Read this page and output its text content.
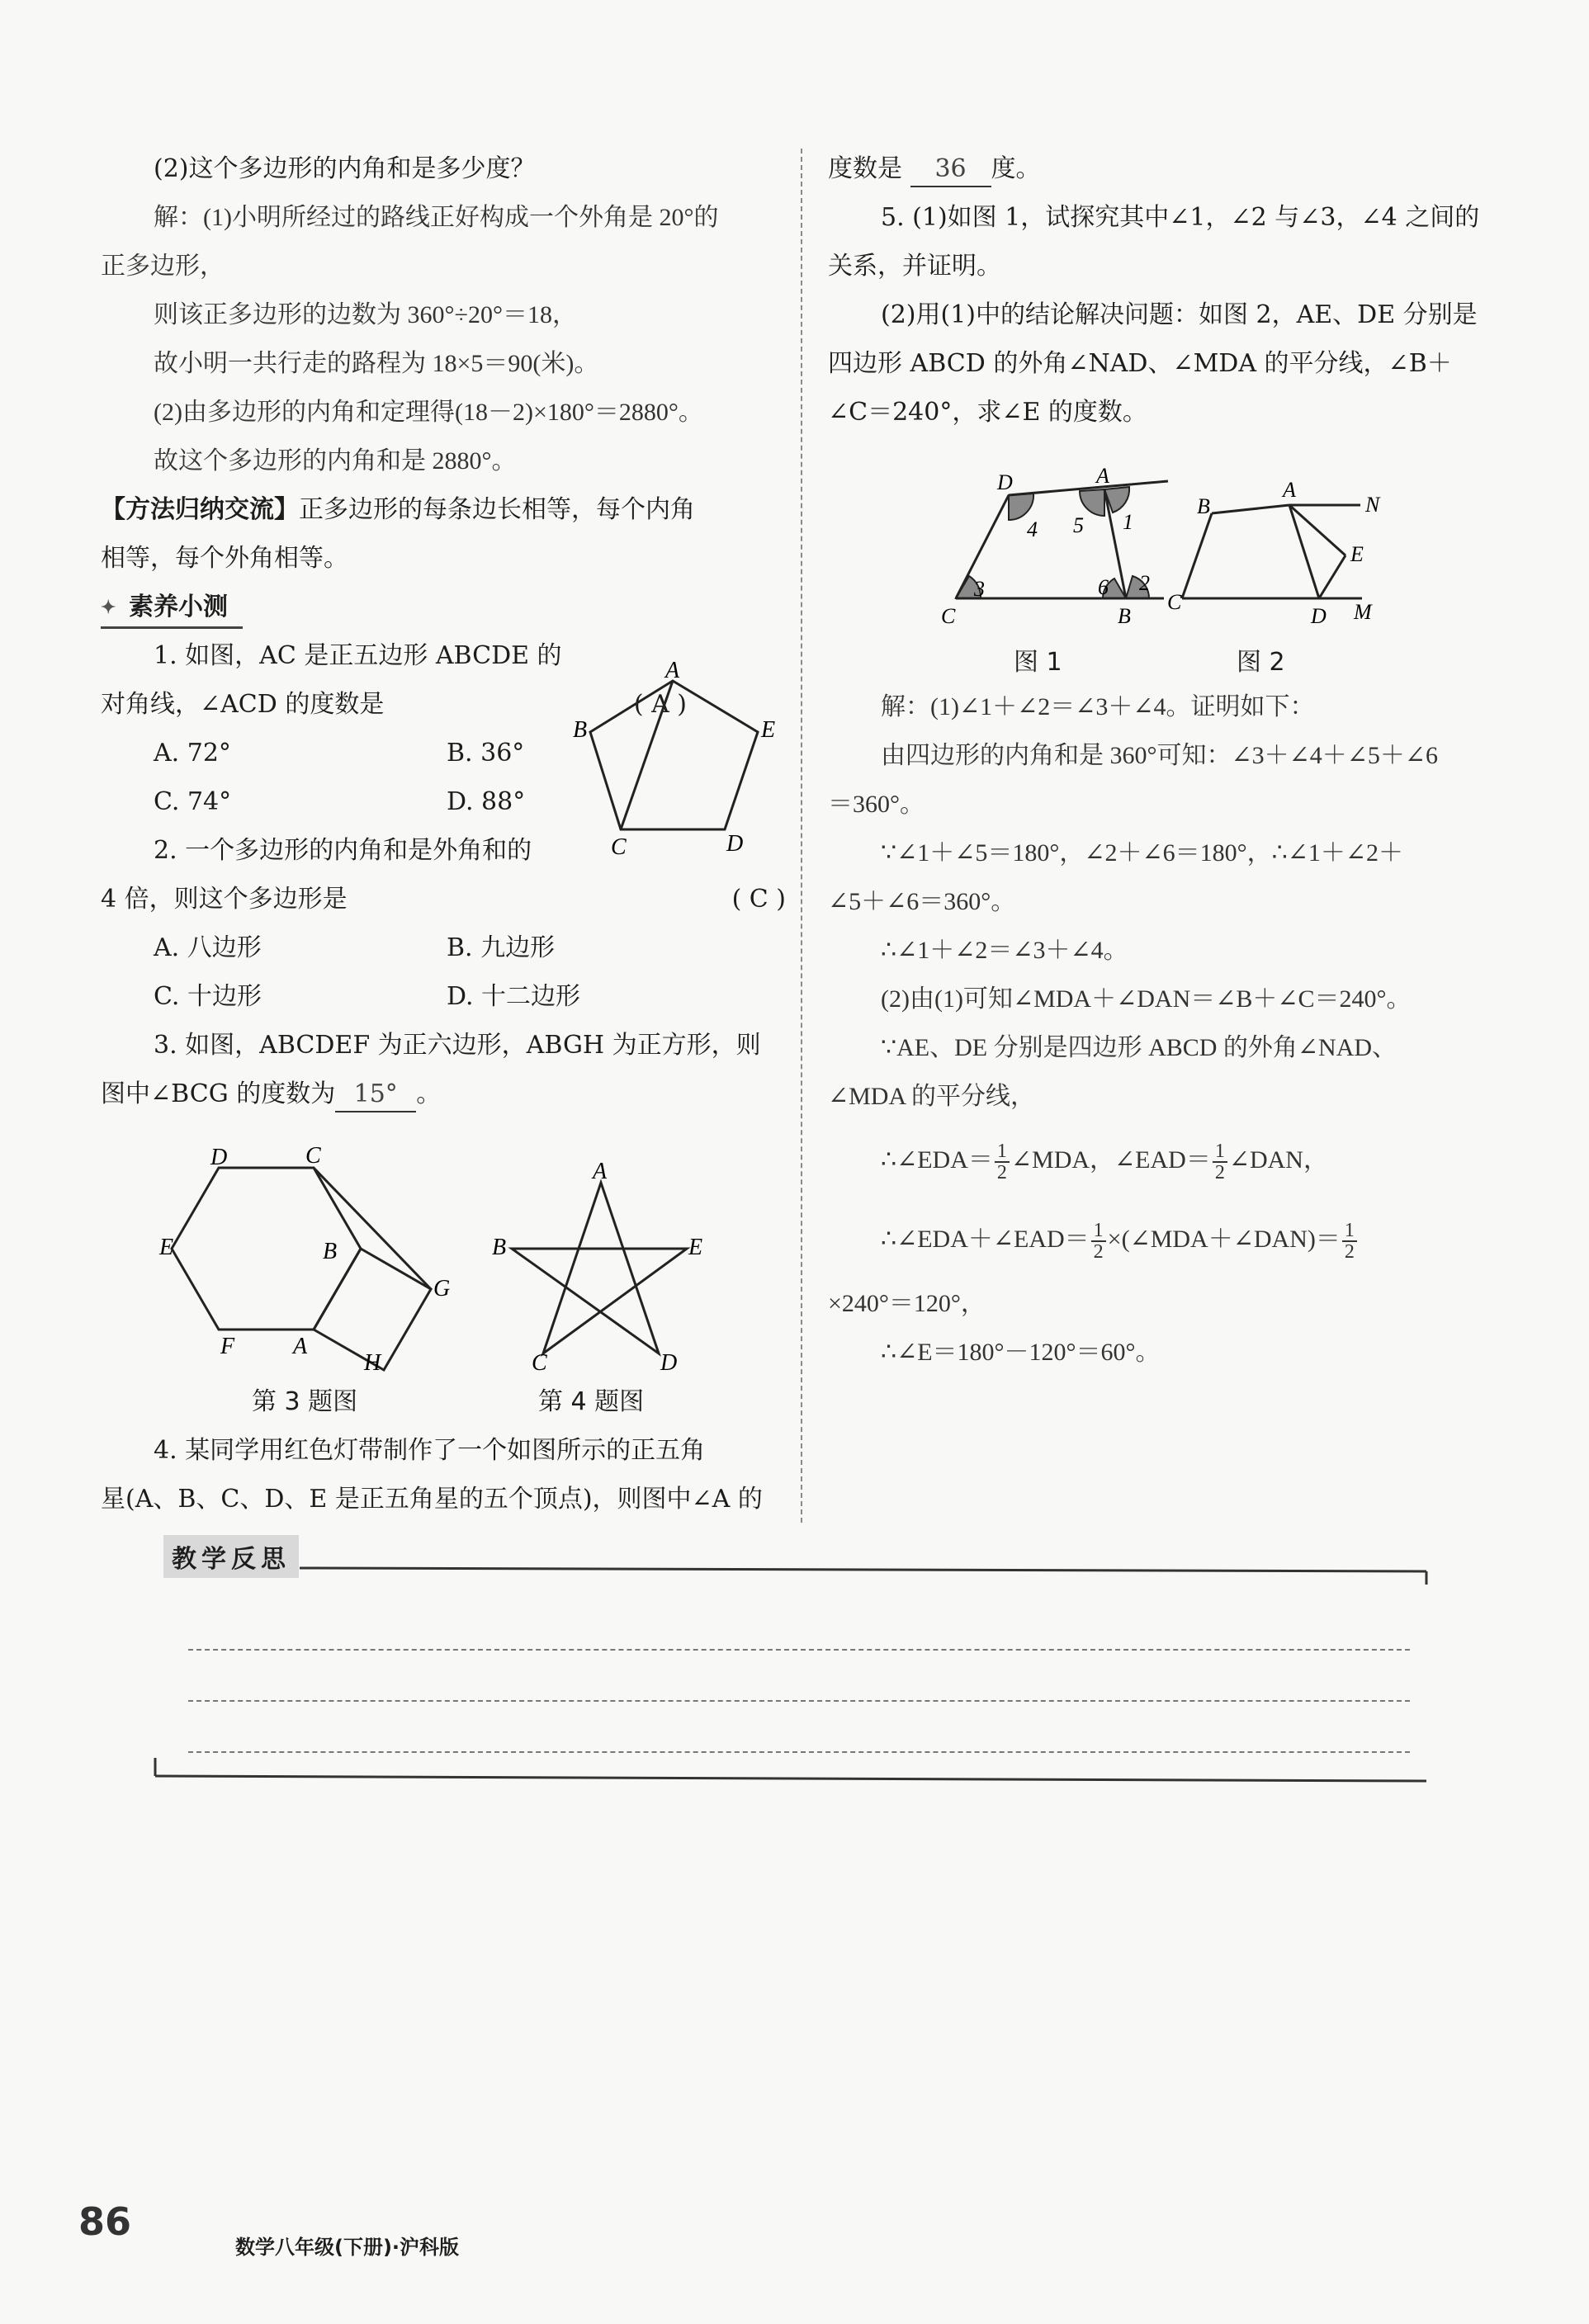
(2)这个多边形的内角和是多少度？
解：(1)小明所经过的路线正好构成一个外角是 20°的
正多边形，
则该正多边形的边数为 360°÷20°＝18，
故小明一共行走的路程为 18×5＝90(米)。
(2)由多边形的内角和定理得(18－2)×180°＝2880°。
故这个多边形的内角和是 2880°。
【方法归纳交流】正多边形的每条边长相等，每个内角
相等，每个外角相等。
✦ 素养小测
1. 如图，AC 是正五边形 ABCDE 的
对角线，∠ACD 的度数是	( A )
A. 72°	B. 36°
C. 74°	D. 88°
2. 一个多边形的内角和是外角和的
4 倍，则这个多边形是	( C )
A. 八边形	B. 九边形
C. 十边形	D. 十二边形
3. 如图，ABCDEF 为正六边形，ABGH 为正方形，则
图中∠BCG 的度数为 15° 。
A
B	E
C	D
D	C
E	B
G
F	A
H
第 3 题图
A
B	E
C	D
第 4 题图
4. 某同学用红色灯带制作了一个如图所示的正五角
星(A、B、C、D、E 是正五角星的五个顶点)，则图中∠A 的
度数是 36 度。
5. (1)如图 1，试探究其中∠1，∠2 与∠3，∠4 之间的
关系，并证明。
(2)用(1)中的结论解决问题：如图 2，AE、DE 分别是
四边形 ABCD 的外角∠NAD、∠MDA 的平分线，∠B＋
∠C＝240°，求∠E 的度数。
D	A
4 5 1
3	6 2
C	B
图 1
B
A
N
E
C
D M
图 2
解：(1)∠1＋∠2＝∠3＋∠4。证明如下：
由四边形的内角和是 360°可知：∠3＋∠4＋∠5＋∠6
＝360°。
∵∠1＋∠5＝180°，∠2＋∠6＝180°，∴∠1＋∠2＋
∠5＋∠6＝360°。
∴∠1＋∠2＝∠3＋∠4。
(2)由(1)可知∠MDA＋∠DAN＝∠B＋∠C＝240°。
∵AE、DE 分别是四边形 ABCD 的外角∠NAD、
∠MDA 的平分线，
∴∠EDA＝ $\frac{1}{2}$ ∠MDA，∠EAD＝ $\frac{1}{2}$ ∠DAN，
∴∠EDA＋∠EAD＝ $\frac{1}{2}$ ×(∠MDA＋∠DAN)＝ $\frac{1}{2}$
×240°＝120°，
∴∠E＝180°－120°＝60°。
教学反思
86
数学八年级(下册)·沪科版
